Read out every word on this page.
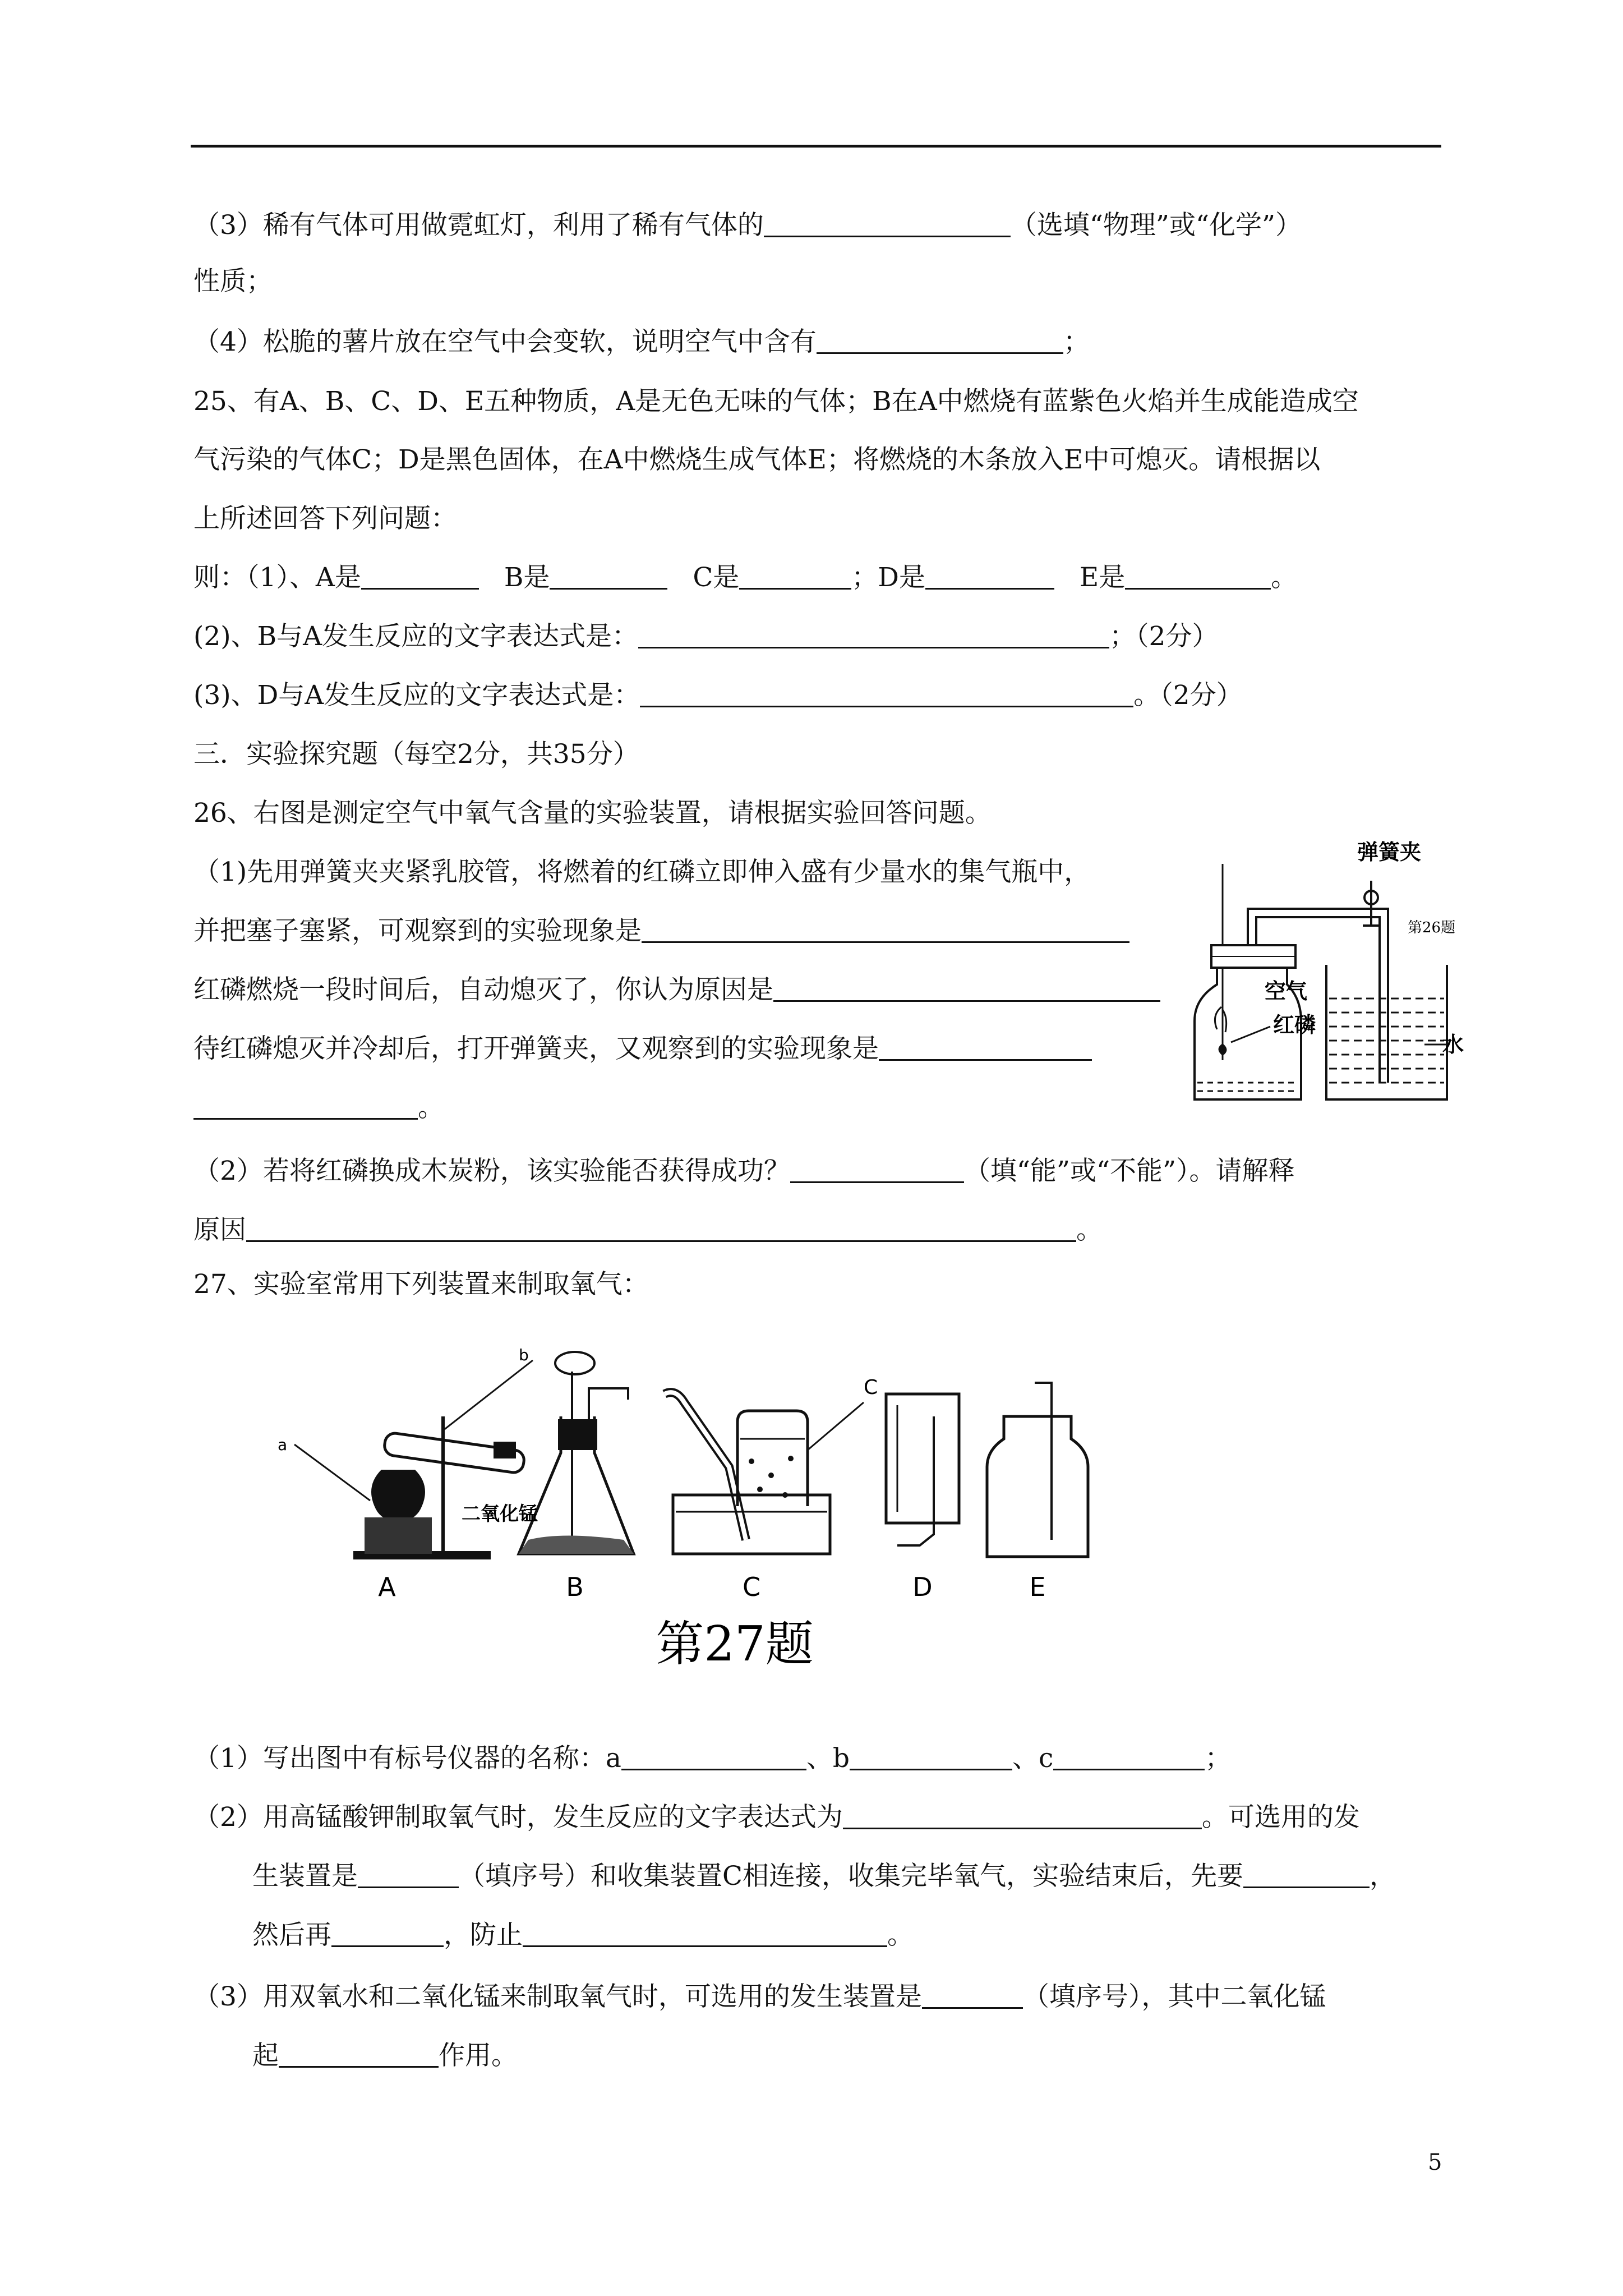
（3）稀有气体可用做霓虹灯，利用了稀有气体的	（选填“物理”或“化学”）
性质；
（4）松脆的薯片放在空气中会变软，说明空气中含有	；
25、有A、B、C、D、E五种物质，A是无色无味的气体；B在A中燃烧有蓝紫色火焰并生成能造成空
气污染的气体C；D是黑色固体，在A中燃烧生成气体E；将燃烧的木条放入E中可熄灭。请根据以
上所述回答下列问题：
则：（1）、A是	B是	C是	；D是	E是	。
(2)、B与A发生反应的文字表达式是：	；（2分）
(3)、D与A发生反应的文字表达式是：	。（2分）
三．实验探究题（每空2分，共35分）
26、右图是测定空气中氧气含量的实验装置，请根据实验回答问题。
（1)先用弹簧夹夹紧乳胶管，将燃着的红磷立即伸入盛有少量水的集气瓶中，
并把塞子塞紧，可观察到的实验现象是
红磷燃烧一段时间后，自动熄灭了，你认为原因是
待红磷熄灭并冷却后，打开弹簧夹，又观察到的实验现象是
。
（2）若将红磷换成木炭粉，该实验能否获得成功？	（填“能”或“不能”）。请解释
原因	。
弹簧夹
第26题
空气
红磷
水
27、实验室常用下列装置来制取氧气：
b
a
C
二氧化锰
A	B	C	D	E
第27题
（1）写出图中有标号仪器的名称：a	、b	、c	；
（2）用高锰酸钾制取氧气时，发生反应的文字表达式为	。可选用的发
生装置是	（填序号）和收集装置C相连接，收集完毕氧气，实验结束后，先要	，
然后再	，防止	。
（3）用双氧水和二氧化锰来制取氧气时，可选用的发生装置是	（填序号），其中二氧化锰
起	作用。
5
